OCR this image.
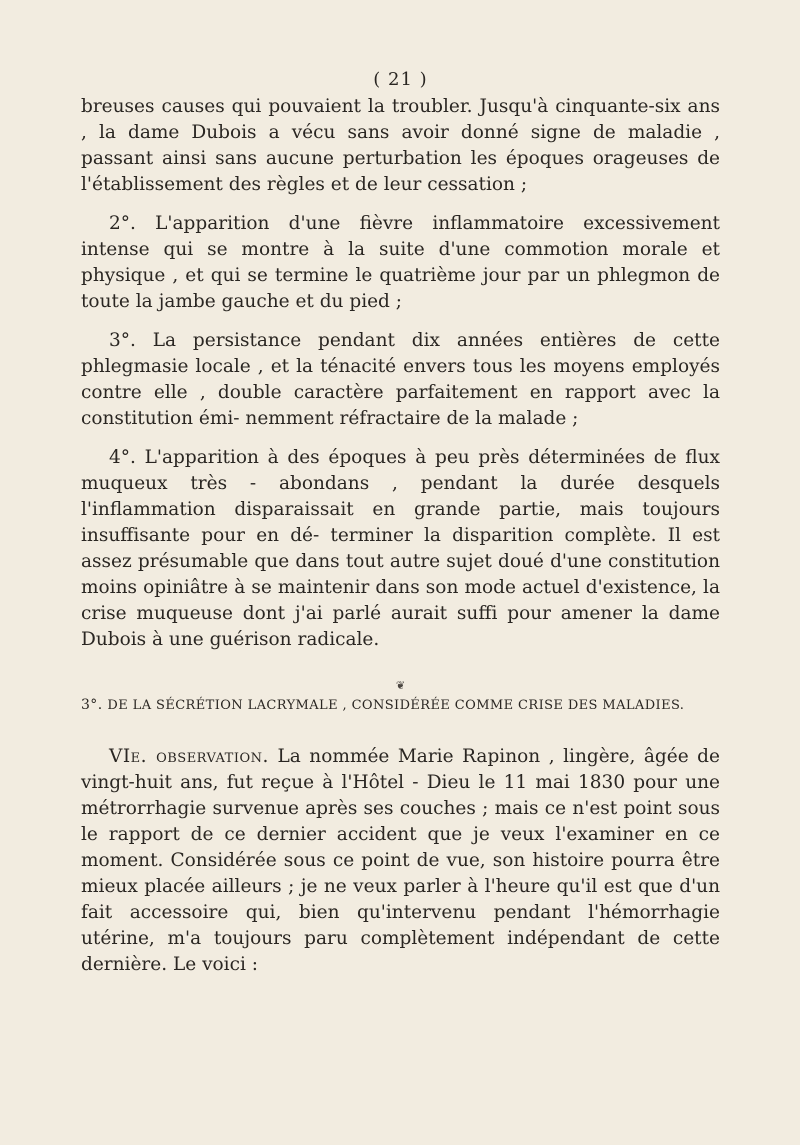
( 21 )

breuses causes qui pouvaient la troubler. Jusqu'à cinquante-six ans , la dame Dubois a vécu sans avoir donné signe de maladie , passant ainsi sans aucune perturbation les époques orageuses de l'établissement des règles et de leur cessation ;

2°. L'apparition d'une fièvre inflammatoire excessivement intense qui se montre à la suite d'une commotion morale et physique , et qui se termine le quatrième jour par un phlegmon de toute la jambe gauche et du pied ;

3°. La persistance pendant dix années entières de cette phlegmasie locale , et la ténacité envers tous les moyens employés contre elle , double caractère parfaitement en rapport avec la constitution émi- nemment réfractaire de la malade ;

4°. L'apparition à des époques à peu près déterminées de flux muqueux très - abondans , pendant la durée desquels l'inflammation disparaissait en grande partie, mais toujours insuffisante pour en dé- terminer la disparition complète. Il est assez présumable que dans tout autre sujet doué d'une constitution moins opiniâtre à se maintenir dans son mode actuel d'existence, la crise muqueuse dont j'ai parlé aurait suffi pour amener la dame Dubois à une guérison radicale.

❦

3°. DE LA SÉCRÉTION LACRYMALE , CONSIDÉRÉE COMME CRISE DES MALADIES.

VIe. observation. La nommée Marie Rapinon , lingère, âgée de vingt-huit ans, fut reçue à l'Hôtel - Dieu le 11 mai 1830 pour une métrorrhagie survenue après ses couches ; mais ce n'est point sous le rapport de ce dernier accident que je veux l'examiner en ce moment. Considérée sous ce point de vue, son histoire pourra être mieux placée ailleurs ; je ne veux parler à l'heure qu'il est que d'un fait accessoire qui, bien qu'intervenu pendant l'hémorrhagie utérine, m'a toujours paru complètement indépendant de cette dernière. Le voici :
